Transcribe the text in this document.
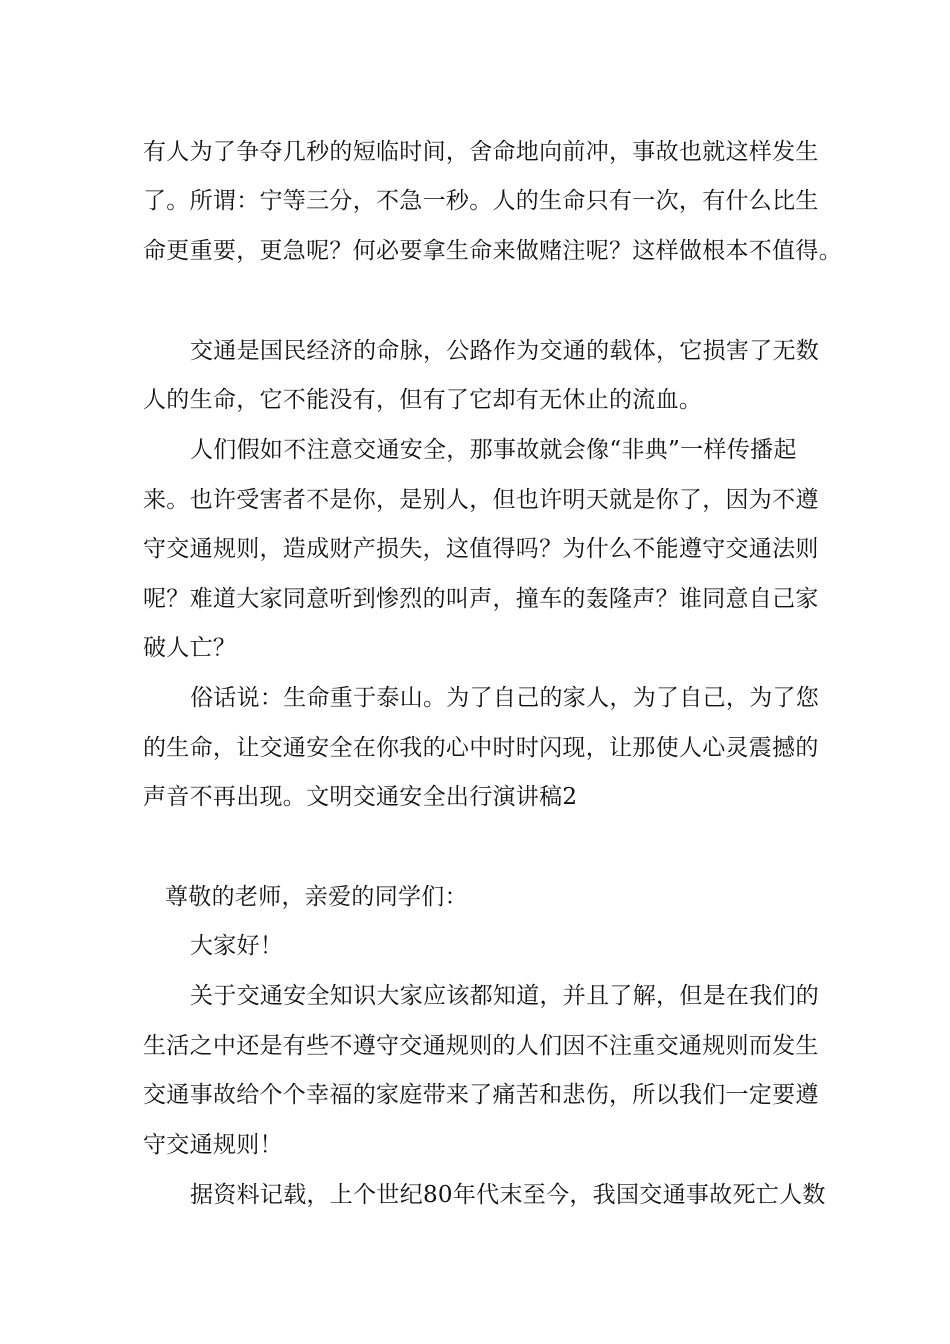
有人为了争夺几秒的短临时间，舍命地向前冲，事故也就这样发生
了。所谓：宁等三分，不急一秒。人的生命只有一次，有什么比生
命更重要，更急呢？何必要拿生命来做赌注呢？这样做根本不值得。
交通是国民经济的命脉，公路作为交通的载体，它损害了无数
人的生命，它不能没有，但有了它却有无休止的流血。
人们假如不注意交通安全，那事故就会像“非典”一样传播起
来。也许受害者不是你，是别人，但也许明天就是你了，因为不遵
守交通规则，造成财产损失，这值得吗？为什么不能遵守交通法则
呢？难道大家同意听到惨烈的叫声，撞车的轰隆声？谁同意自己家
破人亡？
俗话说：生命重于泰山。为了自己的家人，为了自己，为了您
的生命，让交通安全在你我的心中时时闪现，让那使人心灵震撼的
声音不再出现。文明交通安全出行演讲稿2
尊敬的老师，亲爱的同学们：
大家好！
关于交通安全知识大家应该都知道，并且了解，但是在我们的
生活之中还是有些不遵守交通规则的人们因不注重交通规则而发生
交通事故给个个幸福的家庭带来了痛苦和悲伤，所以我们一定要遵
守交通规则！
据资料记载，上个世纪80年代末至今，我国交通事故死亡人数
